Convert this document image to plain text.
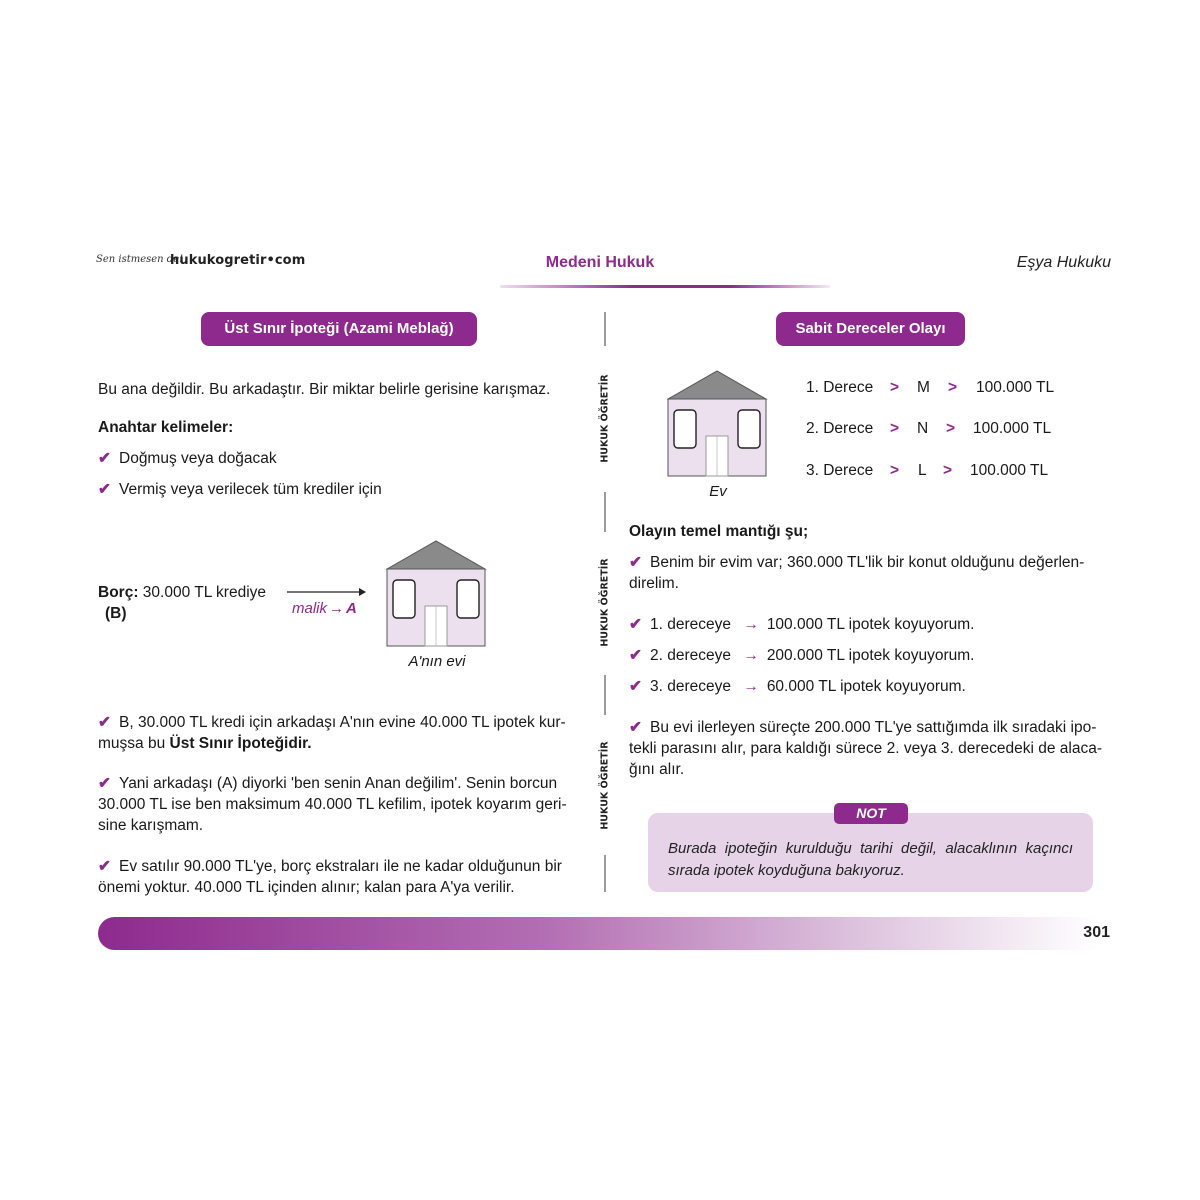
Sen istmesen de!
hukukogretir•com	Medeni Hukuk	Eşya Hukuku
Üst Sınır İpoteği (Azami Meblağ)	Sabit Dereceler Olayı
HUKUK ÖĞRETİR
HUKUK ÖĞRETİR
HUKUK ÖĞRETİR
Bu ana değildir. Bu arkadaştır. Bir miktar belirle gerisine karışmaz.
Anahtar kelimeler:
✔ Doğmuş veya doğacak
✔ Vermiş veya verilecek tüm krediler için
Borç: 30.000 TL krediye
(B)	malik → A
A'nın evi
✔ B, 30.000 TL kredi için arkadaşı A'nın evine 40.000 TL ipotek kur-
muşsa bu Üst Sınır İpoteğidir.
✔ Yani arkadaşı (A) diyorki 'ben senin Anan değilim'. Senin borcun
30.000 TL ise ben maksimum 40.000 TL kefilim, ipotek koyarım geri-
sine karışmam.
✔ Ev satılır 90.000 TL'ye, borç ekstraları ile ne kadar olduğunun bir
önemi yoktur. 40.000 TL içinden alınır; kalan para A'ya verilir.
Ev
1. Derece > M > 100.000 TL
2. Derece > N > 100.000 TL
3. Derece > L > 100.000 TL
Olayın temel mantığı şu;
✔ Benim bir evim var; 360.000 TL'lik bir konut olduğunu değerlen-
direlim.
✔ 1. dereceye → 100.000 TL ipotek koyuyorum.
✔ 2. dereceye → 200.000 TL ipotek koyuyorum.
✔ 3. dereceye → 60.000 TL ipotek koyuyorum.
✔ Bu evi ilerleyen süreçte 200.000 TL'ye sattığımda ilk sıradaki ipo-
tekli parasını alır, para kaldığı sürece 2. veya 3. derecedeki de alaca-
ğını alır.
NOT
Burada ipoteğin kurulduğu tarihi değil, alacaklının kaçıncı sırada ipotek koyduğuna bakıyoruz.
301
